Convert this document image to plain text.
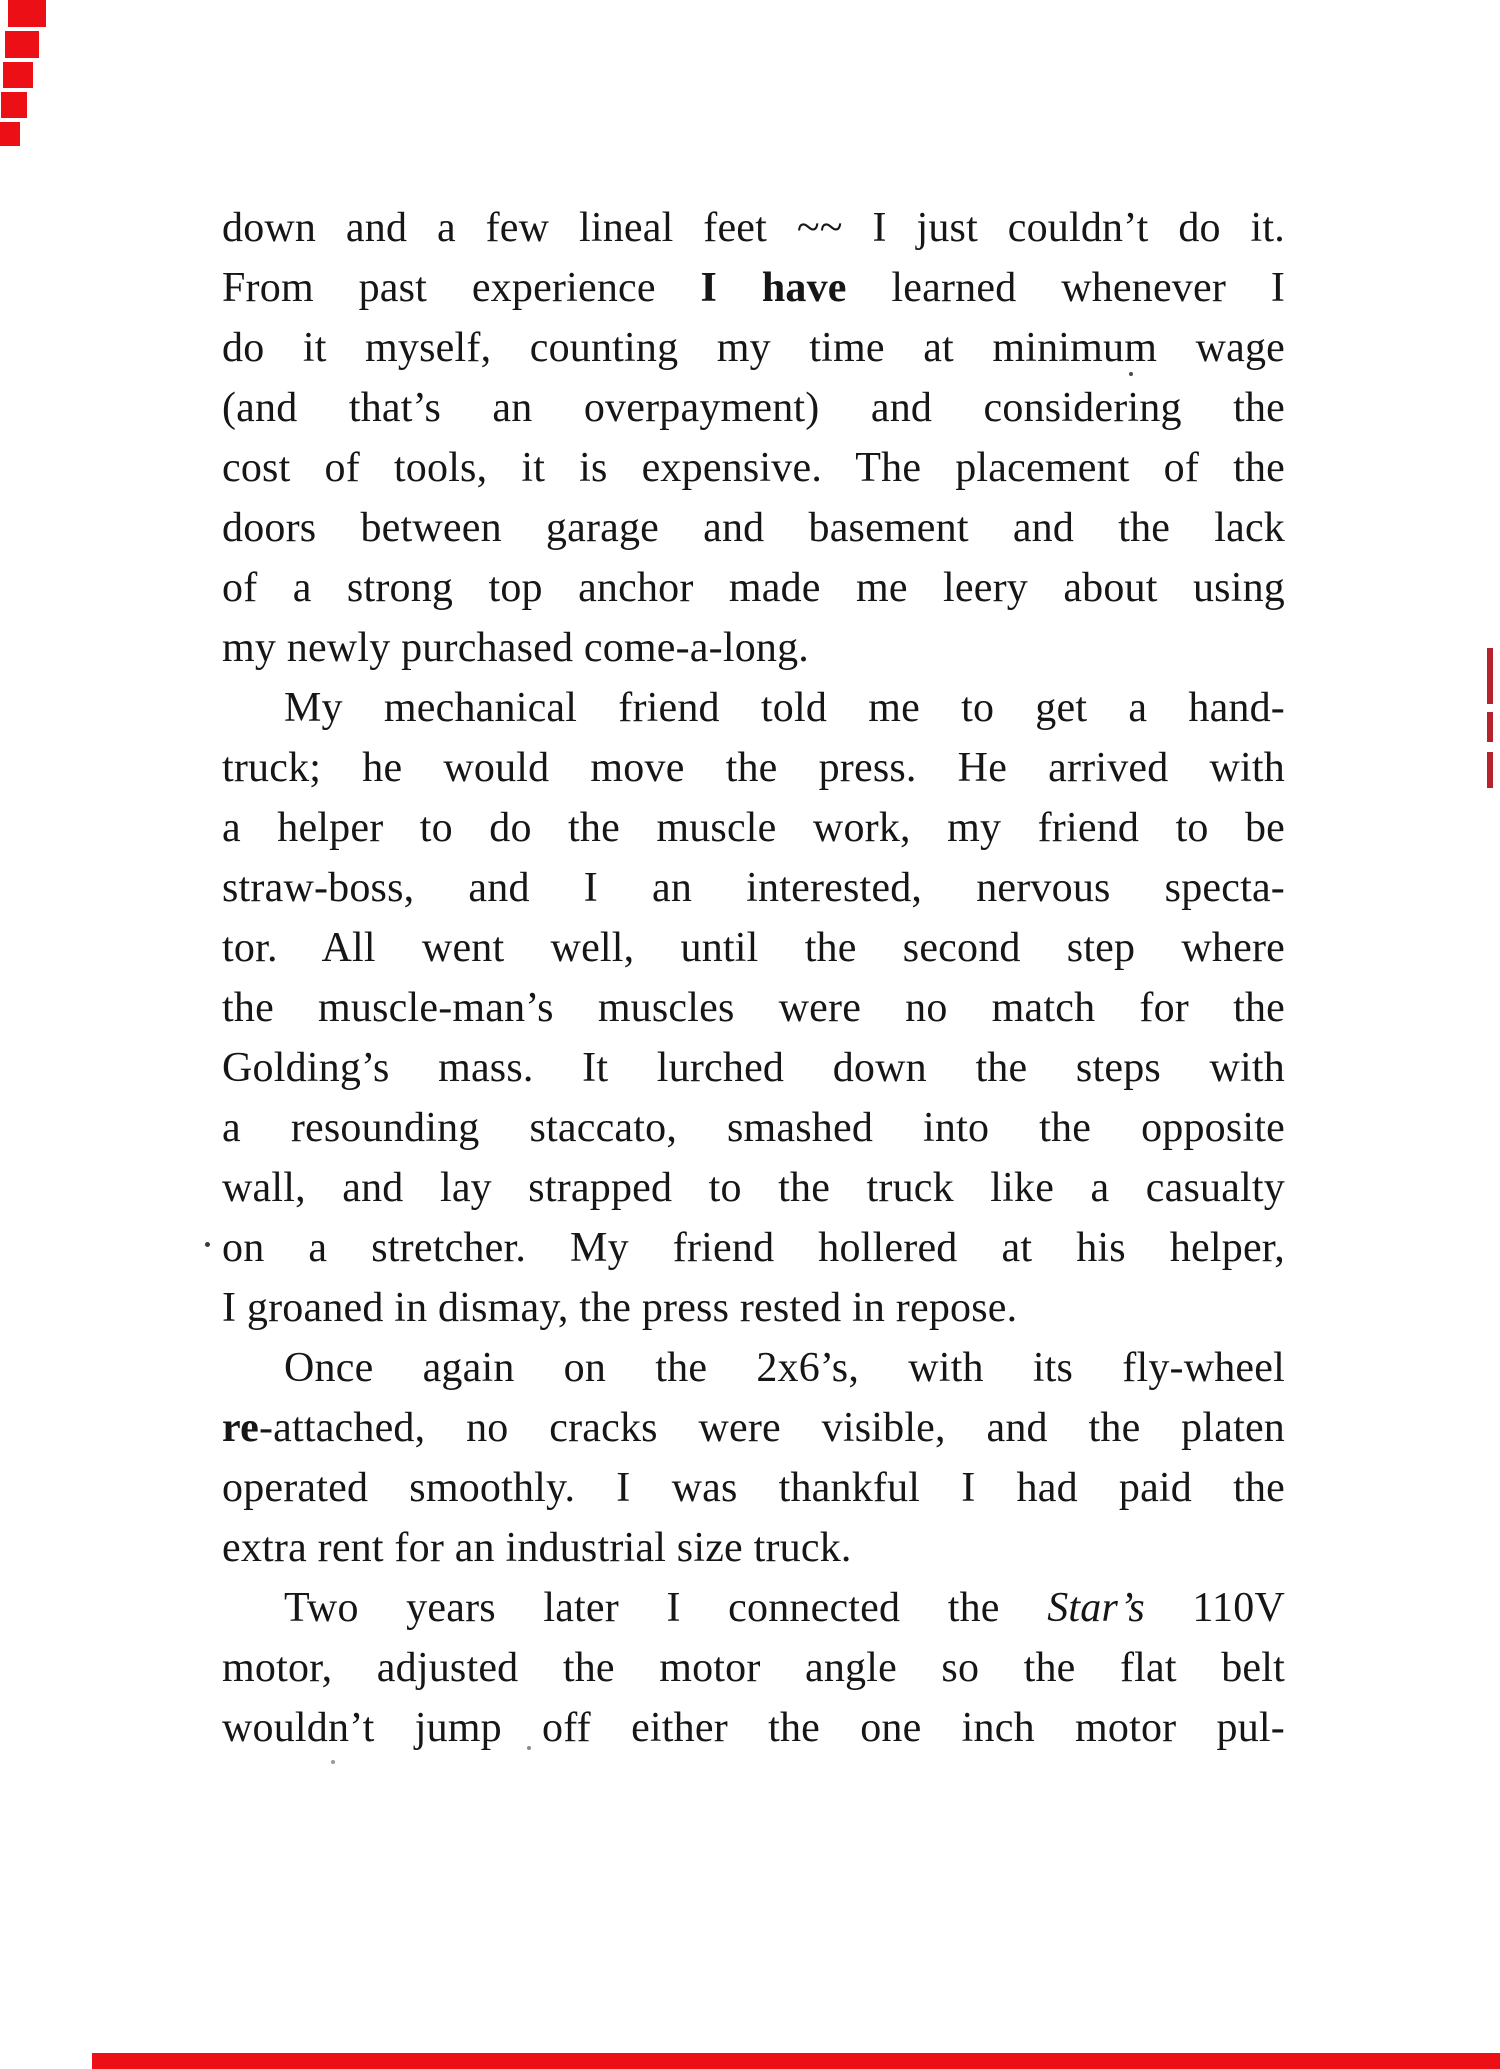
down and a few lineal feet ~~ I just couldn’t do it.
From past experience I have learned whenever I
do it myself, counting my time at minimum wage
(and that’s an overpayment) and considering the
cost of tools, it is expensive. The placement of the
doors between garage and basement and the lack
of a strong top anchor made me leery about using
my newly purchased come-a-long.
My mechanical friend told me to get a hand-
truck; he would move the press. He arrived with
a helper to do the muscle work, my friend to be
straw-boss, and I an interested, nervous specta-
tor. All went well, until the second step where
the muscle-man’s muscles were no match for the
Golding’s mass. It lurched down the steps with
a resounding staccato, smashed into the opposite
wall, and lay strapped to the truck like a casualty
on a stretcher. My friend hollered at his helper,
I groaned in dismay, the press rested in repose.
Once again on the 2x6’s, with its fly-wheel
re-attached, no cracks were visible, and the platen
operated smoothly. I was thankful I had paid the
extra rent for an industrial size truck.
Two years later I connected the Star’s 110V
motor, adjusted the motor angle so the flat belt
wouldn’t jump off either the one inch motor pul-
